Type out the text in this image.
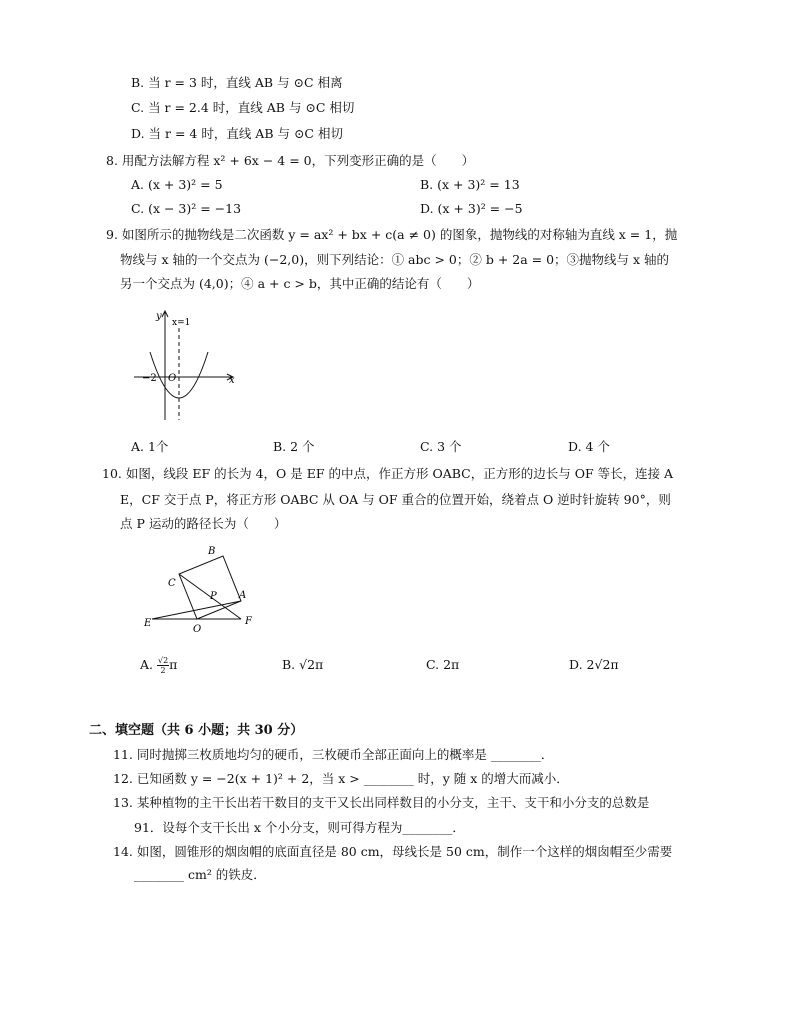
B. 当 r = 3 时，直线 AB 与 ⊙C 相离
C. 当 r = 2.4 时，直线 AB 与 ⊙C 相切
D. 当 r = 4 时，直线 AB 与 ⊙C 相切
8. 用配方法解方程 x² + 6x − 4 = 0，下列变形正确的是（　　）
A. (x + 3)² = 5	B. (x + 3)² = 13
C. (x − 3)² = −13	D. (x + 3)² = −5
9. 如图所示的抛物线是二次函数 y = ax² + bx + c(a ≠ 0) 的图象，抛物线的对称轴为直线 x = 1，抛
物线与 x 轴的一个交点为 (−2,0)，则下列结论：① abc > 0；② b + 2a = 0；③抛物线与 x 轴的
另一个交点为 (4,0)；④ a + c > b，其中正确的结论有（　　）
y
x
x=1
−2 O
A. 1个	B. 2 个	C. 3 个	D. 4 个
10. 如图，线段 EF 的长为 4，O 是 EF 的中点，作正方形 OABC，正方形的边长与 OF 等长，连接 A
E，CF 交于点 P，将正方形 OABC 从 OA 与 OF 重合的位置开始，绕着点 O 逆时针旋转 90°，则
点 P 运动的路径长为（　　）
B
C
P A
E
O
F
A. $\frac{√2}{2}$ π	B. √2π	C. 2π	D. 2√2π
二、填空题（共 6 小题；共 30 分）
11. 同时抛掷三枚质地均匀的硬币，三枚硬币全部正面向上的概率是 ________．
12. 已知函数 y = −2(x + 1)² + 2，当 x > ________ 时，y 随 x 的增大而减小．
13. 某种植物的主干长出若干数目的支干又长出同样数目的小分支，主干、支干和小分支的总数是
91．设每个支干长出 x 个小分支，则可得方程为________．
14. 如图，圆锥形的烟囱帽的底面直径是 80 cm，母线长是 50 cm，制作一个这样的烟囱帽至少需要
________ cm² 的铁皮．
